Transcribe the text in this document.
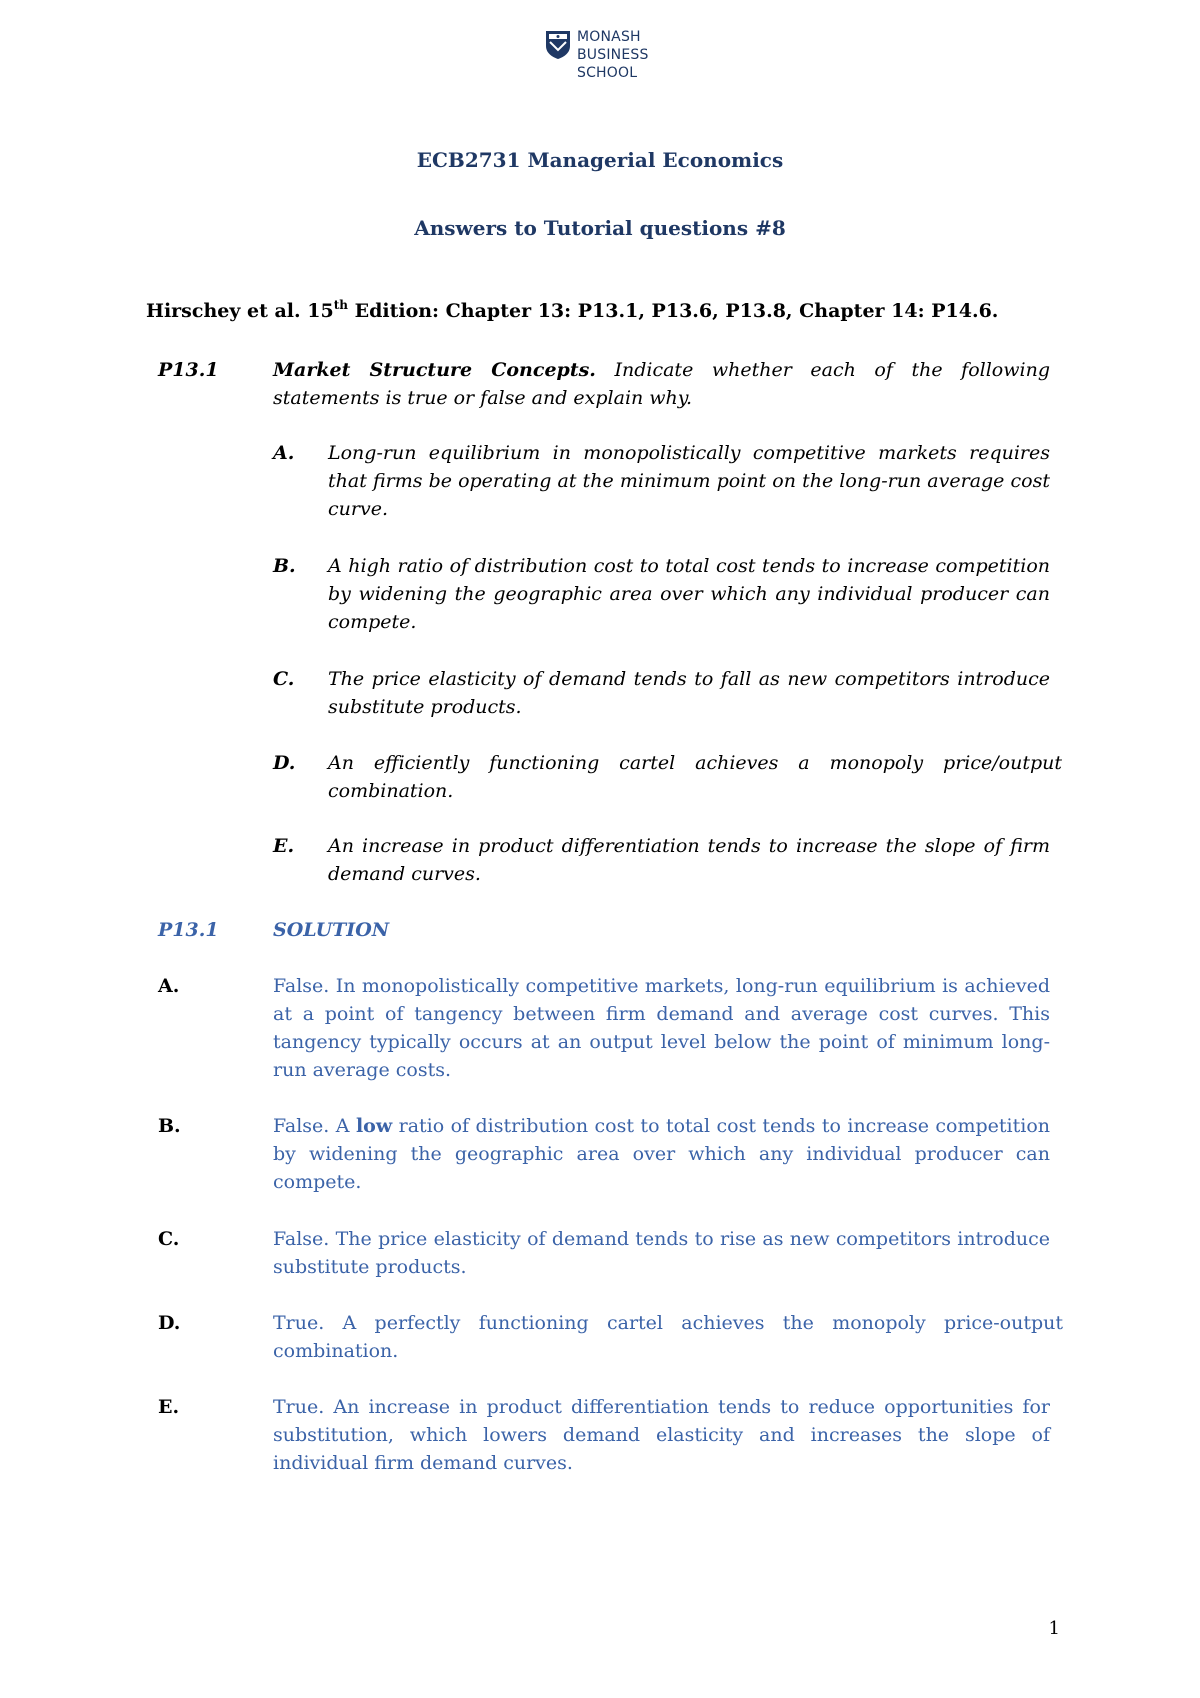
MONASH
BUSINESS
SCHOOL
ECB2731 Managerial Economics
Answers to Tutorial questions #8
Hirschey et al. 15th Edition: Chapter 13: P13.1, P13.6, P13.8, Chapter 14: P14.6.
P13.1	Market Structure Concepts. Indicate whether each of the following statements is true or false and explain why.
A. Long-run equilibrium in monopolistically competitive markets requires that firms be operating at the minimum point on the long-run average cost curve.
B. A high ratio of distribution cost to total cost tends to increase competition by widening the geographic area over which any individual producer can compete.
C. The price elasticity of demand tends to fall as new competitors introduce substitute products.
D. An efficiently functioning cartel achieves a monopoly price/output combination.
E. An increase in product differentiation tends to increase the slope of firm demand curves.
P13.1	SOLUTION
A.	False. In monopolistically competitive markets, long-run equilibrium is achieved at a point of tangency between firm demand and average cost curves. This tangency typically occurs at an output level below the point of minimum long-run average costs.
B.	False. A low ratio of distribution cost to total cost tends to increase competition by widening the geographic area over which any individual producer can compete.
C.	False. The price elasticity of demand tends to rise as new competitors introduce substitute products.
D.	True. A perfectly functioning cartel achieves the monopoly price-output combination.
E.	True. An increase in product differentiation tends to reduce opportunities for substitution, which lowers demand elasticity and increases the slope of individual firm demand curves.
1
